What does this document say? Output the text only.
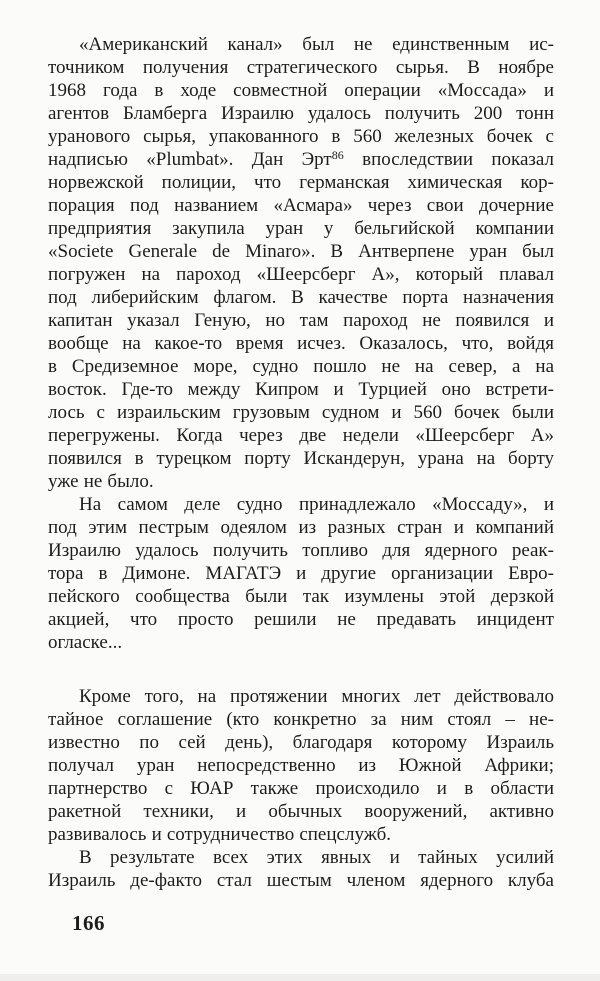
«Американский канал» был не единственным ис-
точником получения стратегического сырья. В ноябре
1968 года в ходе совместной операции «Моссада» и
агентов Бламберга Израилю удалось получить 200 тонн
уранового сырья, упакованного в 560 железных бочек с
надписью «Plumbat». Дан Эрт$^{86}$ впоследствии показал
норвежской полиции, что германская химическая кор-
порация под названием «Асмара» через свои дочерние
предприятия закупила уран у бельгийской компании
«Societe Generale de Minaro». В Антверпене уран был
погружен на пароход «Шеерсберг А», который плавал
под либерийским флагом. В качестве порта назначения
капитан указал Геную, но там пароход не появился и
вообще на какое-то время исчез. Оказалось, что, войдя
в Средиземное море, судно пошло не на север, а на
восток. Где-то между Кипром и Турцией оно встрети-
лось с израильским грузовым судном и 560 бочек были
перегружены. Когда через две недели «Шеерсберг А»
появился в турецком порту Искандерун, урана на борту
уже не было.
На самом деле судно принадлежало «Моссаду», и
под этим пестрым одеялом из разных стран и компаний
Израилю удалось получить топливо для ядерного реак-
тора в Димоне. МАГАТЭ и другие организации Евро-
пейского сообщества были так изумлены этой дерзкой
акцией, что просто решили не предавать инцидент
огласке...
Кроме того, на протяжении многих лет действовало
тайное соглашение (кто конкретно за ним стоял – не-
известно по сей день), благодаря которому Израиль
получал уран непосредственно из Южной Африки;
партнерство с ЮАР также происходило и в области
ракетной техники, и обычных вооружений, активно
развивалось и сотрудничество спецслужб.
В результате всех этих явных и тайных усилий
Израиль де-факто стал шестым членом ядерного клуба
166
